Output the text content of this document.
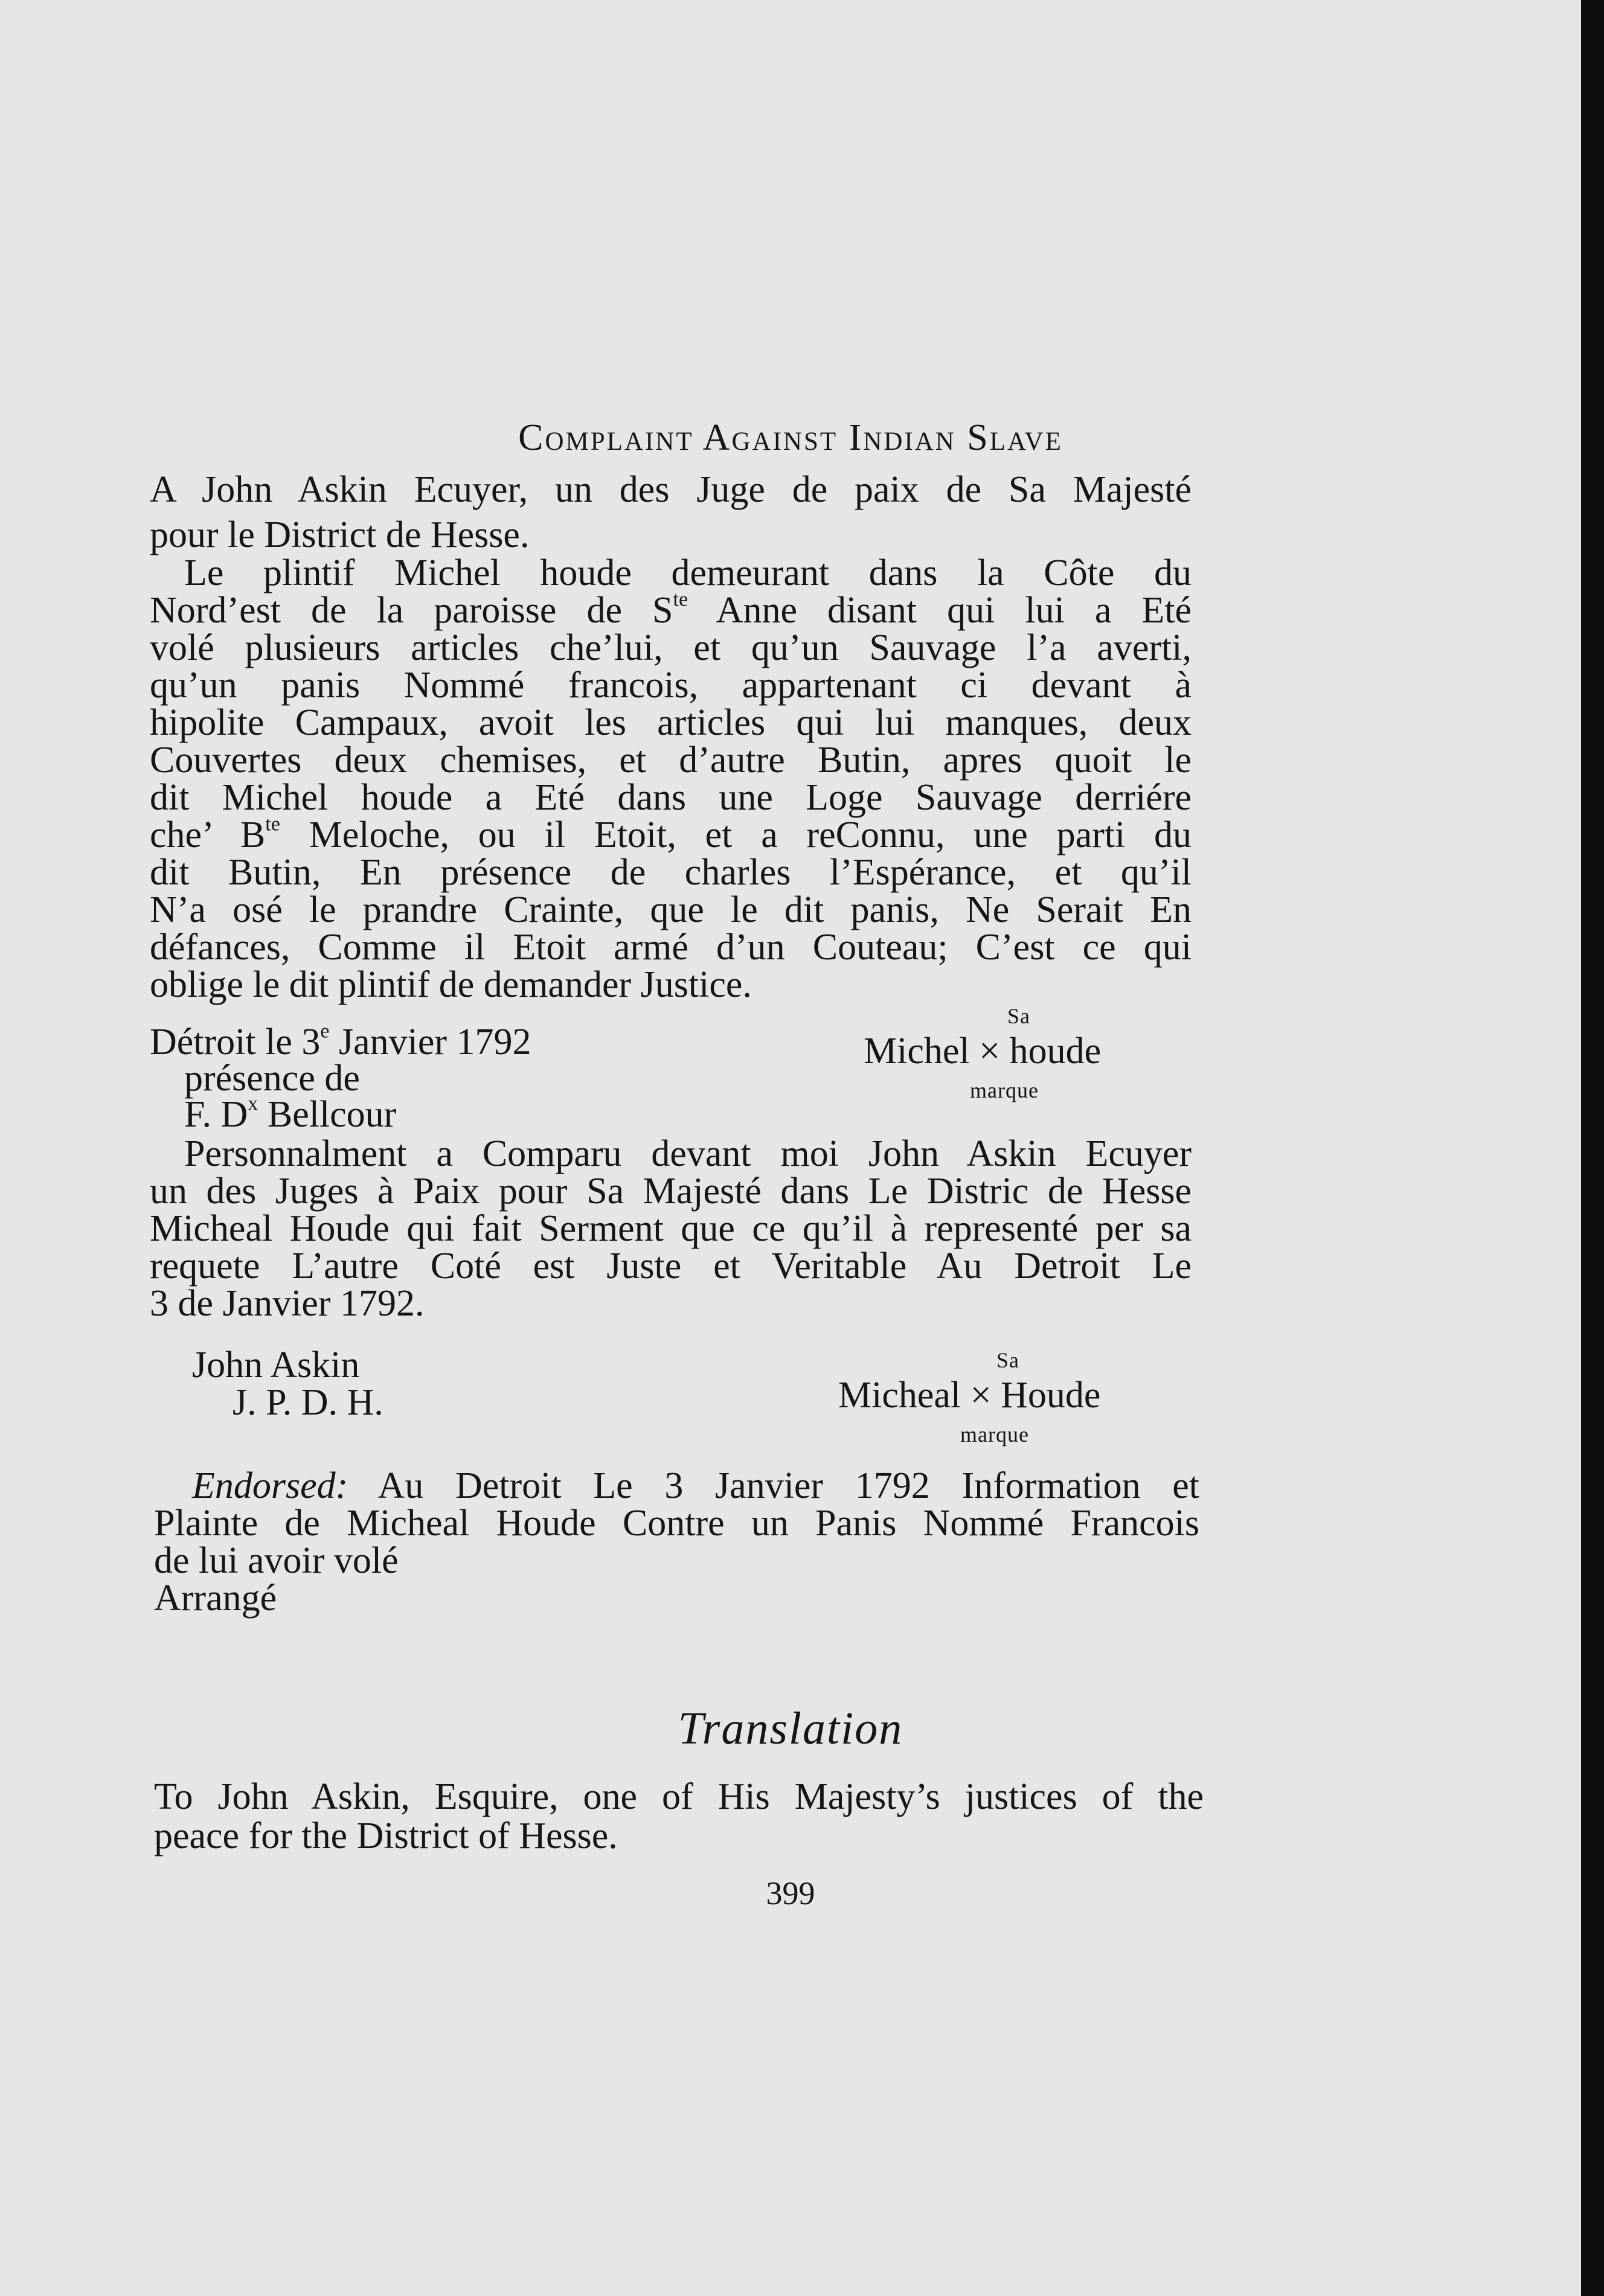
Complaint Against Indian Slave
A John Askin Ecuyer, un des Juge de paix de Sa Majesté
pour le District de Hesse.
Le plintif Michel houde demeurant dans la Côte du
Nord’est de la paroisse de $S^{te}$ Anne disant qui lui a Eté
volé plusieurs articles che’lui, et qu’un Sauvage l’a averti,
qu’un panis Nommé francois, appartenant ci devant à
hipolite Campaux, avoit les articles qui lui manques, deux
Couvertes deux chemises, et d’autre Butin, apres quoit le
dit Michel houde a Eté dans une Loge Sauvage derriére
che’ $B^{te}$ Meloche, ou il Etoit, et a reConnu, une parti du
dit Butin, En présence de charles l’Espérance, et qu’il
N’a osé le prandre Crainte, que le dit panis, Ne Serait En
défances, Comme il Etoit armé d’un Couteau; C’est ce qui
oblige le dit plintif de demander Justice.
Détroit le 3e Janvier 1792
présence de
F. $D^x$ Bellcour
Sa
Michel × houde
marque
Personnalment a Comparu devant moi John Askin Ecuyer
un des Juges à Paix pour Sa Majesté dans Le Distric de Hesse
Micheal Houde qui fait Serment que ce qu’il à representé per sa
requete L’autre Coté est Juste et Veritable Au Detroit Le
3 de Janvier 1792.
John Askin
J. P. D. H.
Sa
Micheal × Houde
marque
Endorsed: Au Detroit Le 3 Janvier 1792 Information et
Plainte de Micheal Houde Contre un Panis Nommé Francois
de lui avoir volé
Arrangé
Translation
To John Askin, Esquire, one of His Majesty’s justices of the
peace for the District of Hesse.
399
